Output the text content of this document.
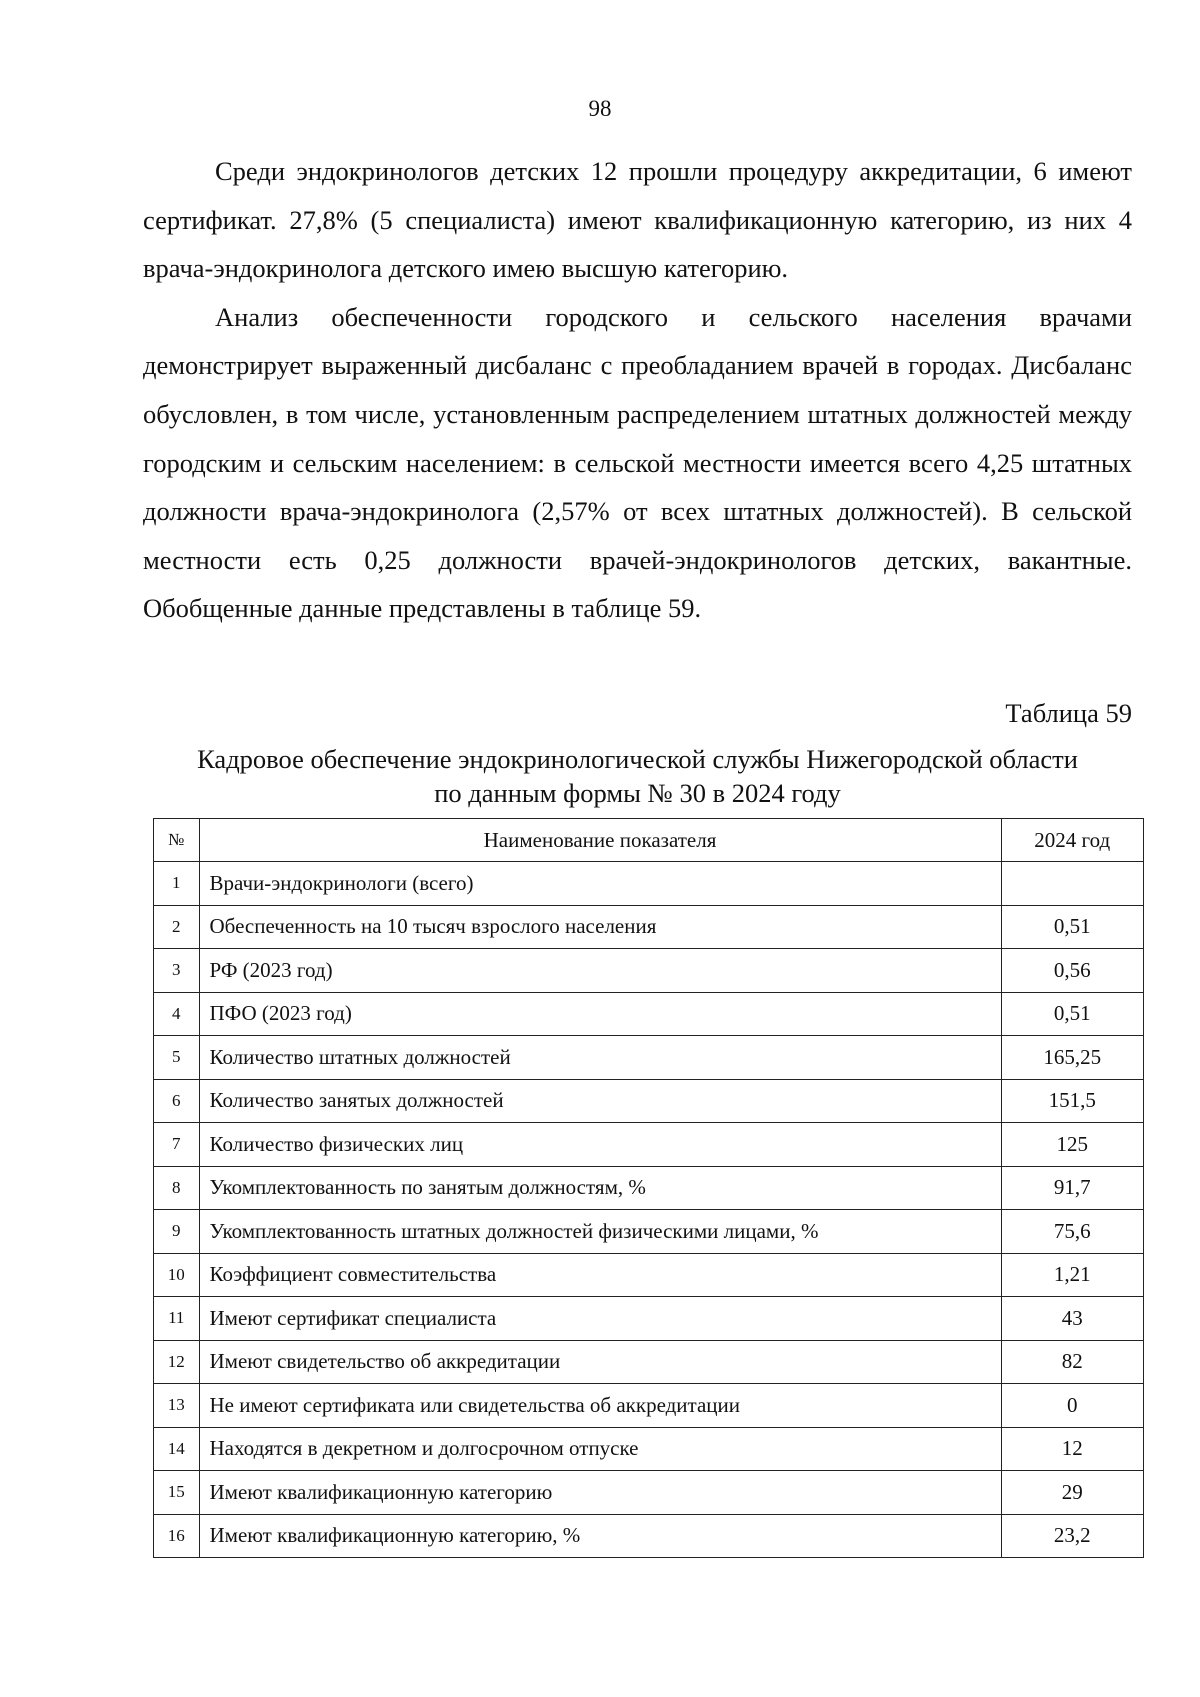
98

Среди эндокринологов детских 12 прошли процедуру аккредитации, 6 имеют сертификат. 27,8% (5 специалиста) имеют квалификационную категорию, из них 4 врача-эндокринолога детского имею высшую категорию.

Анализ обеспеченности городского и сельского населения врачами демонстрирует выраженный дисбаланс с преобладанием врачей в городах. Дисбаланс обусловлен, в том числе, установленным распределением штатных должностей между городским и сельским населением: в сельской местности имеется всего 4,25 штатных должности врача-эндокринолога (2,57% от всех штатных должностей). В сельской местности есть 0,25 должности врачей-эндокринологов детских, вакантные. Обобщенные данные представлены в таблице 59.

Таблица 59
Кадровое обеспечение эндокринологической службы Нижегородской области
по данным формы № 30 в 2024 году
№	Наименование показателя	2024 год
1	Врачи-эндокринологи (всего)	
2	Обеспеченность на 10 тысяч взрослого населения	0,51
3	РФ (2023 год)	0,56
4	ПФО (2023 год)	0,51
5	Количество штатных должностей	165,25
6	Количество занятых должностей	151,5
7	Количество физических лиц	125
8	Укомплектованность по занятым должностям, %	91,7
9	Укомплектованность штатных должностей физическими лицами, %	75,6
10	Коэффициент совместительства	1,21
11	Имеют сертификат специалиста	43
12	Имеют свидетельство об аккредитации	82
13	Не имеют сертификата или свидетельства об аккредитации	0
14	Находятся в декретном и долгосрочном отпуске	12
15	Имеют квалификационную категорию	29
16	Имеют квалификационную категорию, %	23,2
